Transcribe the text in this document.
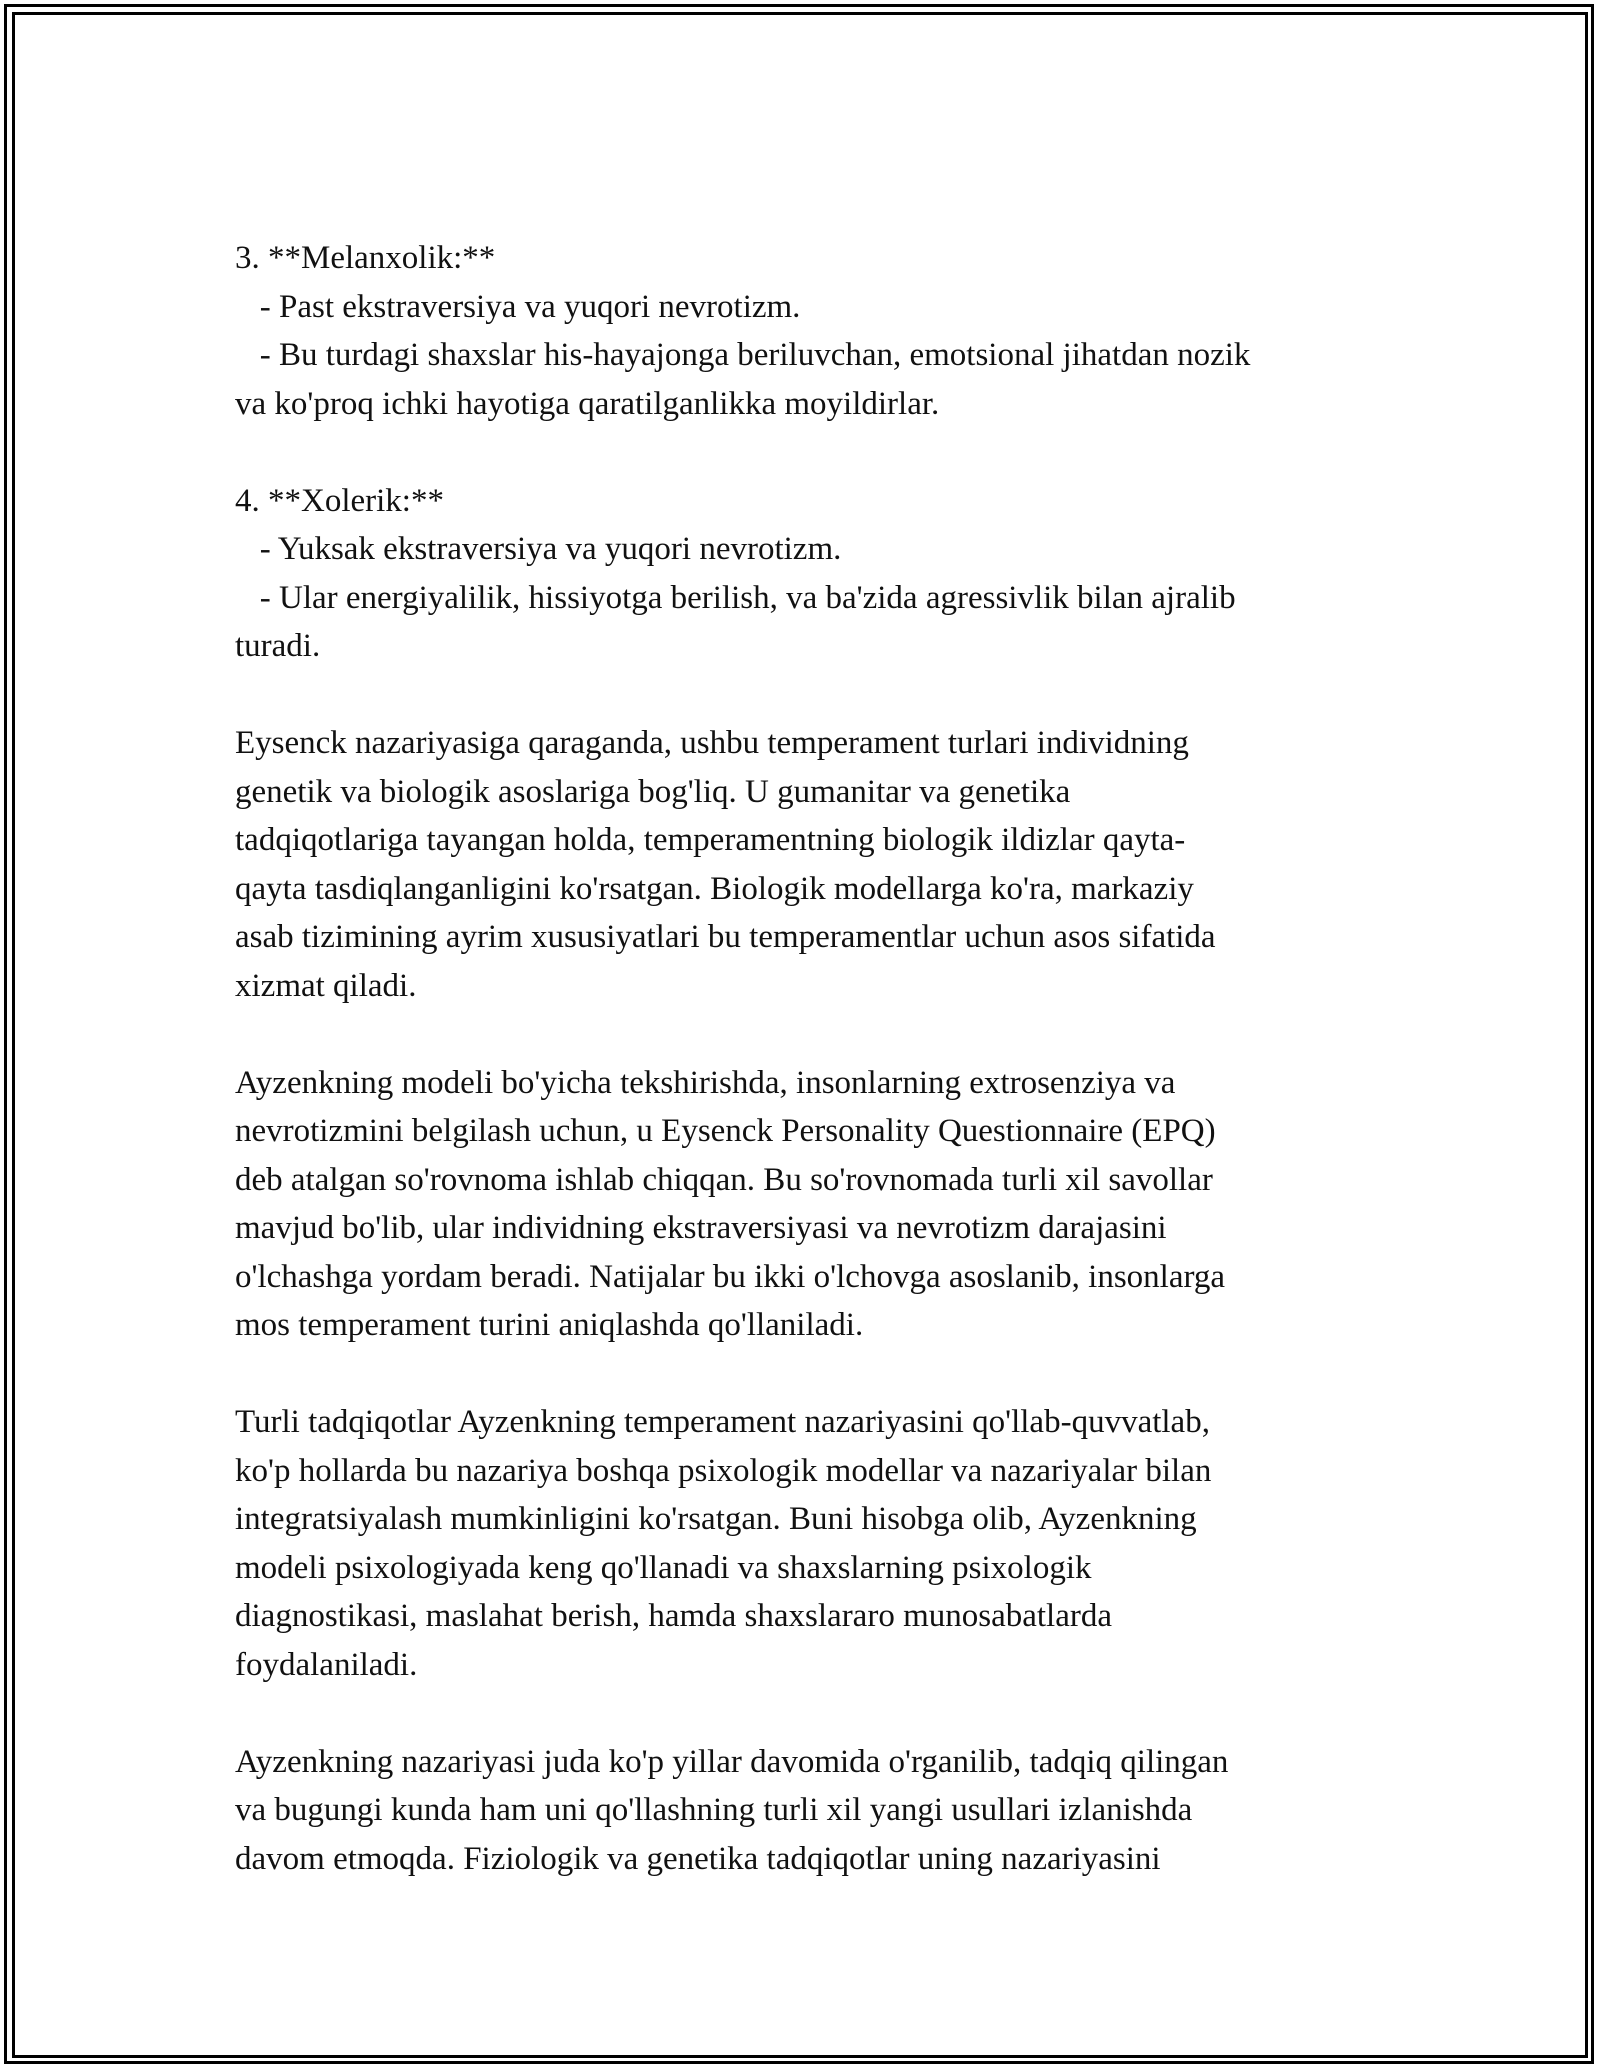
3. **Melanxolik:**
- Past ekstraversiya va yuqori nevrotizm.
- Bu turdagi shaxslar his-hayajonga beriluvchan, emotsional jihatdan nozik
va ko'proq ichki hayotiga qaratilganlikka moyildirlar.
4. **Xolerik:**
- Yuksak ekstraversiya va yuqori nevrotizm.
- Ular energiyalilik, hissiyotga berilish, va ba'zida agressivlik bilan ajralib
turadi.
Eysenck nazariyasiga qaraganda, ushbu temperament turlari individning
genetik va biologik asoslariga bog'liq. U gumanitar va genetika
tadqiqotlariga tayangan holda, temperamentning biologik ildizlar qayta-
qayta tasdiqlanganligini ko'rsatgan. Biologik modellarga ko'ra, markaziy
asab tizimining ayrim xususiyatlari bu temperamentlar uchun asos sifatida
xizmat qiladi.
Ayzenkning modeli bo'yicha tekshirishda, insonlarning extrosenziya va
nevrotizmini belgilash uchun, u Eysenck Personality Questionnaire (EPQ)
deb atalgan so'rovnoma ishlab chiqqan. Bu so'rovnomada turli xil savollar
mavjud bo'lib, ular individning ekstraversiyasi va nevrotizm darajasini
o'lchashga yordam beradi. Natijalar bu ikki o'lchovga asoslanib, insonlarga
mos temperament turini aniqlashda qo'llaniladi.
Turli tadqiqotlar Ayzenkning temperament nazariyasini qo'llab-quvvatlab,
ko'p hollarda bu nazariya boshqa psixologik modellar va nazariyalar bilan
integratsiyalash mumkinligini ko'rsatgan. Buni hisobga olib, Ayzenkning
modeli psixologiyada keng qo'llanadi va shaxslarning psixologik
diagnostikasi, maslahat berish, hamda shaxslararo munosabatlarda
foydalaniladi.
Ayzenkning nazariyasi juda ko'p yillar davomida o'rganilib, tadqiq qilingan
va bugungi kunda ham uni qo'llashning turli xil yangi usullari izlanishda
davom etmoqda. Fiziologik va genetika tadqiqotlar uning nazariyasini
